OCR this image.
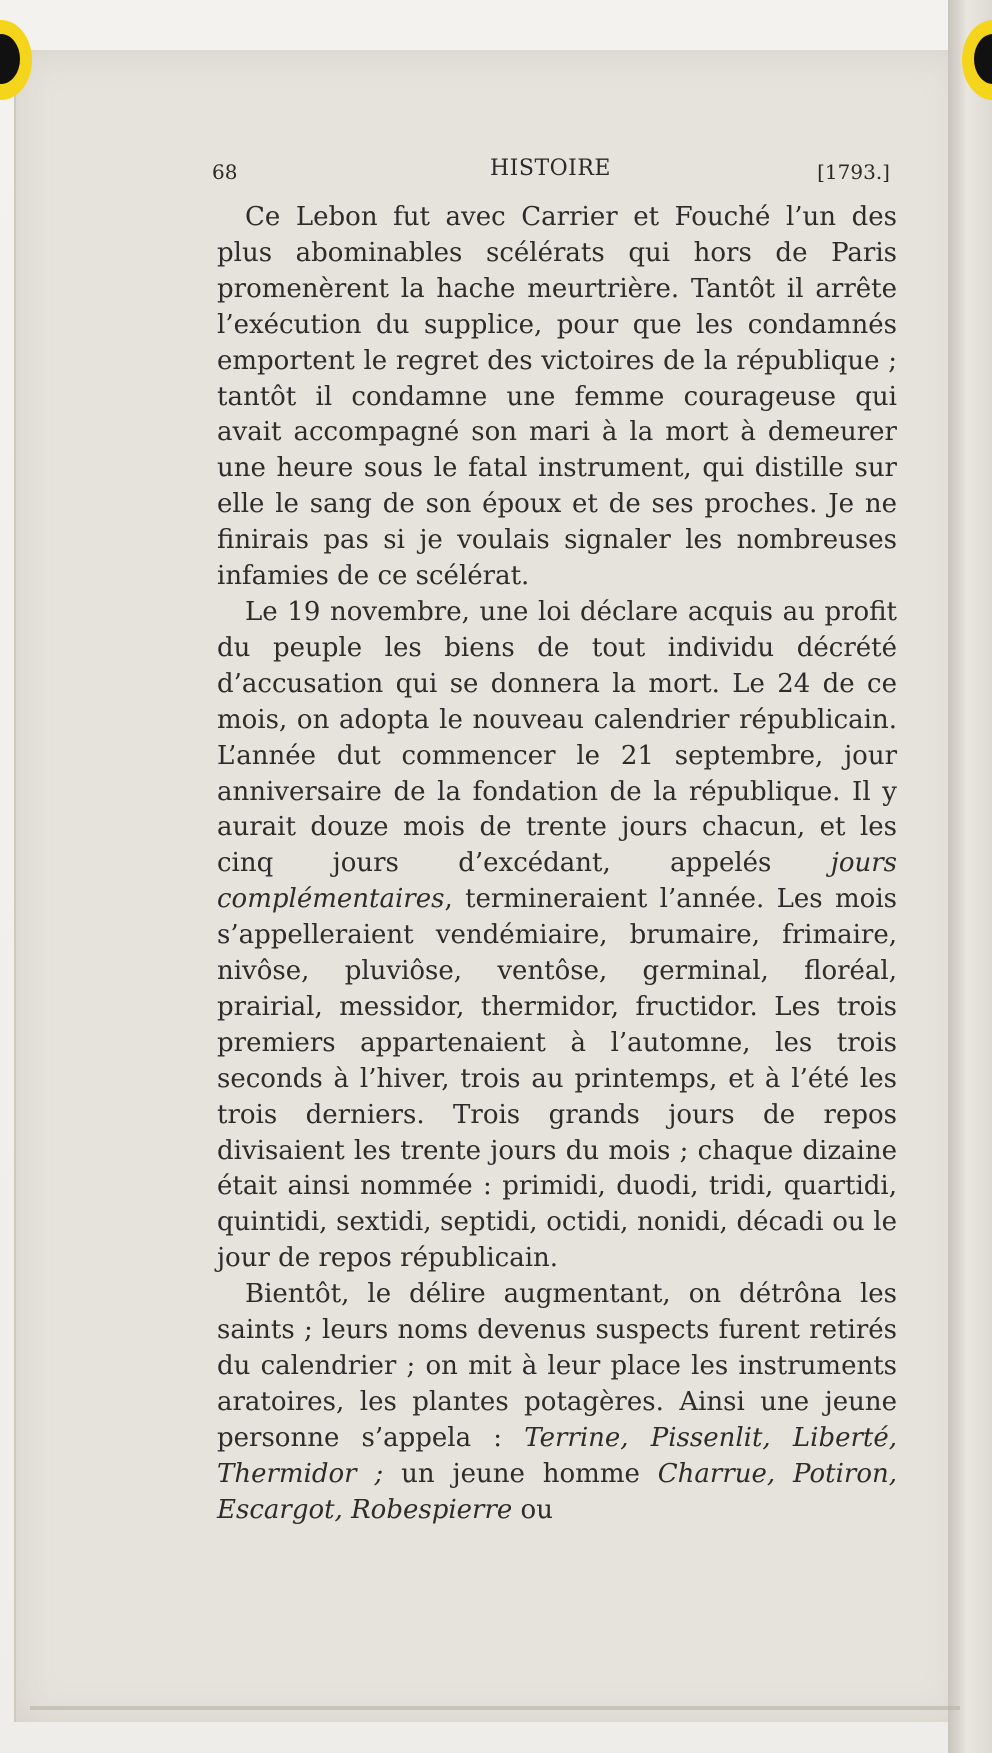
68	HISTOIRE	[1793.]

Ce Lebon fut avec Carrier et Fouché l’un des plus abominables scélérats qui hors de Paris promenèrent la hache meurtrière. Tantôt il arrête l’exécution du supplice, pour que les condamnés emportent le regret des victoires de la république ; tantôt il condamne une femme courageuse qui avait accompagné son mari à la mort à demeurer une heure sous le fatal instrument, qui distille sur elle le sang de son époux et de ses proches. Je ne finirais pas si je voulais signaler les nombreuses infamies de ce scélérat.

Le 19 novembre, une loi déclare acquis au profit du peuple les biens de tout individu décrété d’accusation qui se donnera la mort. Le 24 de ce mois, on adopta le nouveau calendrier républicain. L’année dut commencer le 21 septembre, jour anniversaire de la fondation de la république. Il y aurait douze mois de trente jours chacun, et les cinq jours d’excédant, appelés jours complémentaires, termineraient l’année. Les mois s’appelleraient vendémiaire, brumaire, frimaire, nivôse, pluviôse, ventôse, germinal, floréal, prairial, messidor, thermidor, fructidor. Les trois premiers appartenaient à l’automne, les trois seconds à l’hiver, trois au printemps, et à l’été les trois derniers. Trois grands jours de repos divisaient les trente jours du mois ; chaque dizaine était ainsi nommée : primidi, duodi, tridi, quartidi, quintidi, sextidi, septidi, octidi, nonidi, décadi ou le jour de repos républicain.

Bientôt, le délire augmentant, on détrôna les saints ; leurs noms devenus suspects furent retirés du calendrier ; on mit à leur place les instruments aratoires, les plantes potagères. Ainsi une jeune personne s’appela : Terrine, Pissenlit, Liberté, Thermidor ; un jeune homme Charrue, Potiron, Escargot, Robespierre ou
